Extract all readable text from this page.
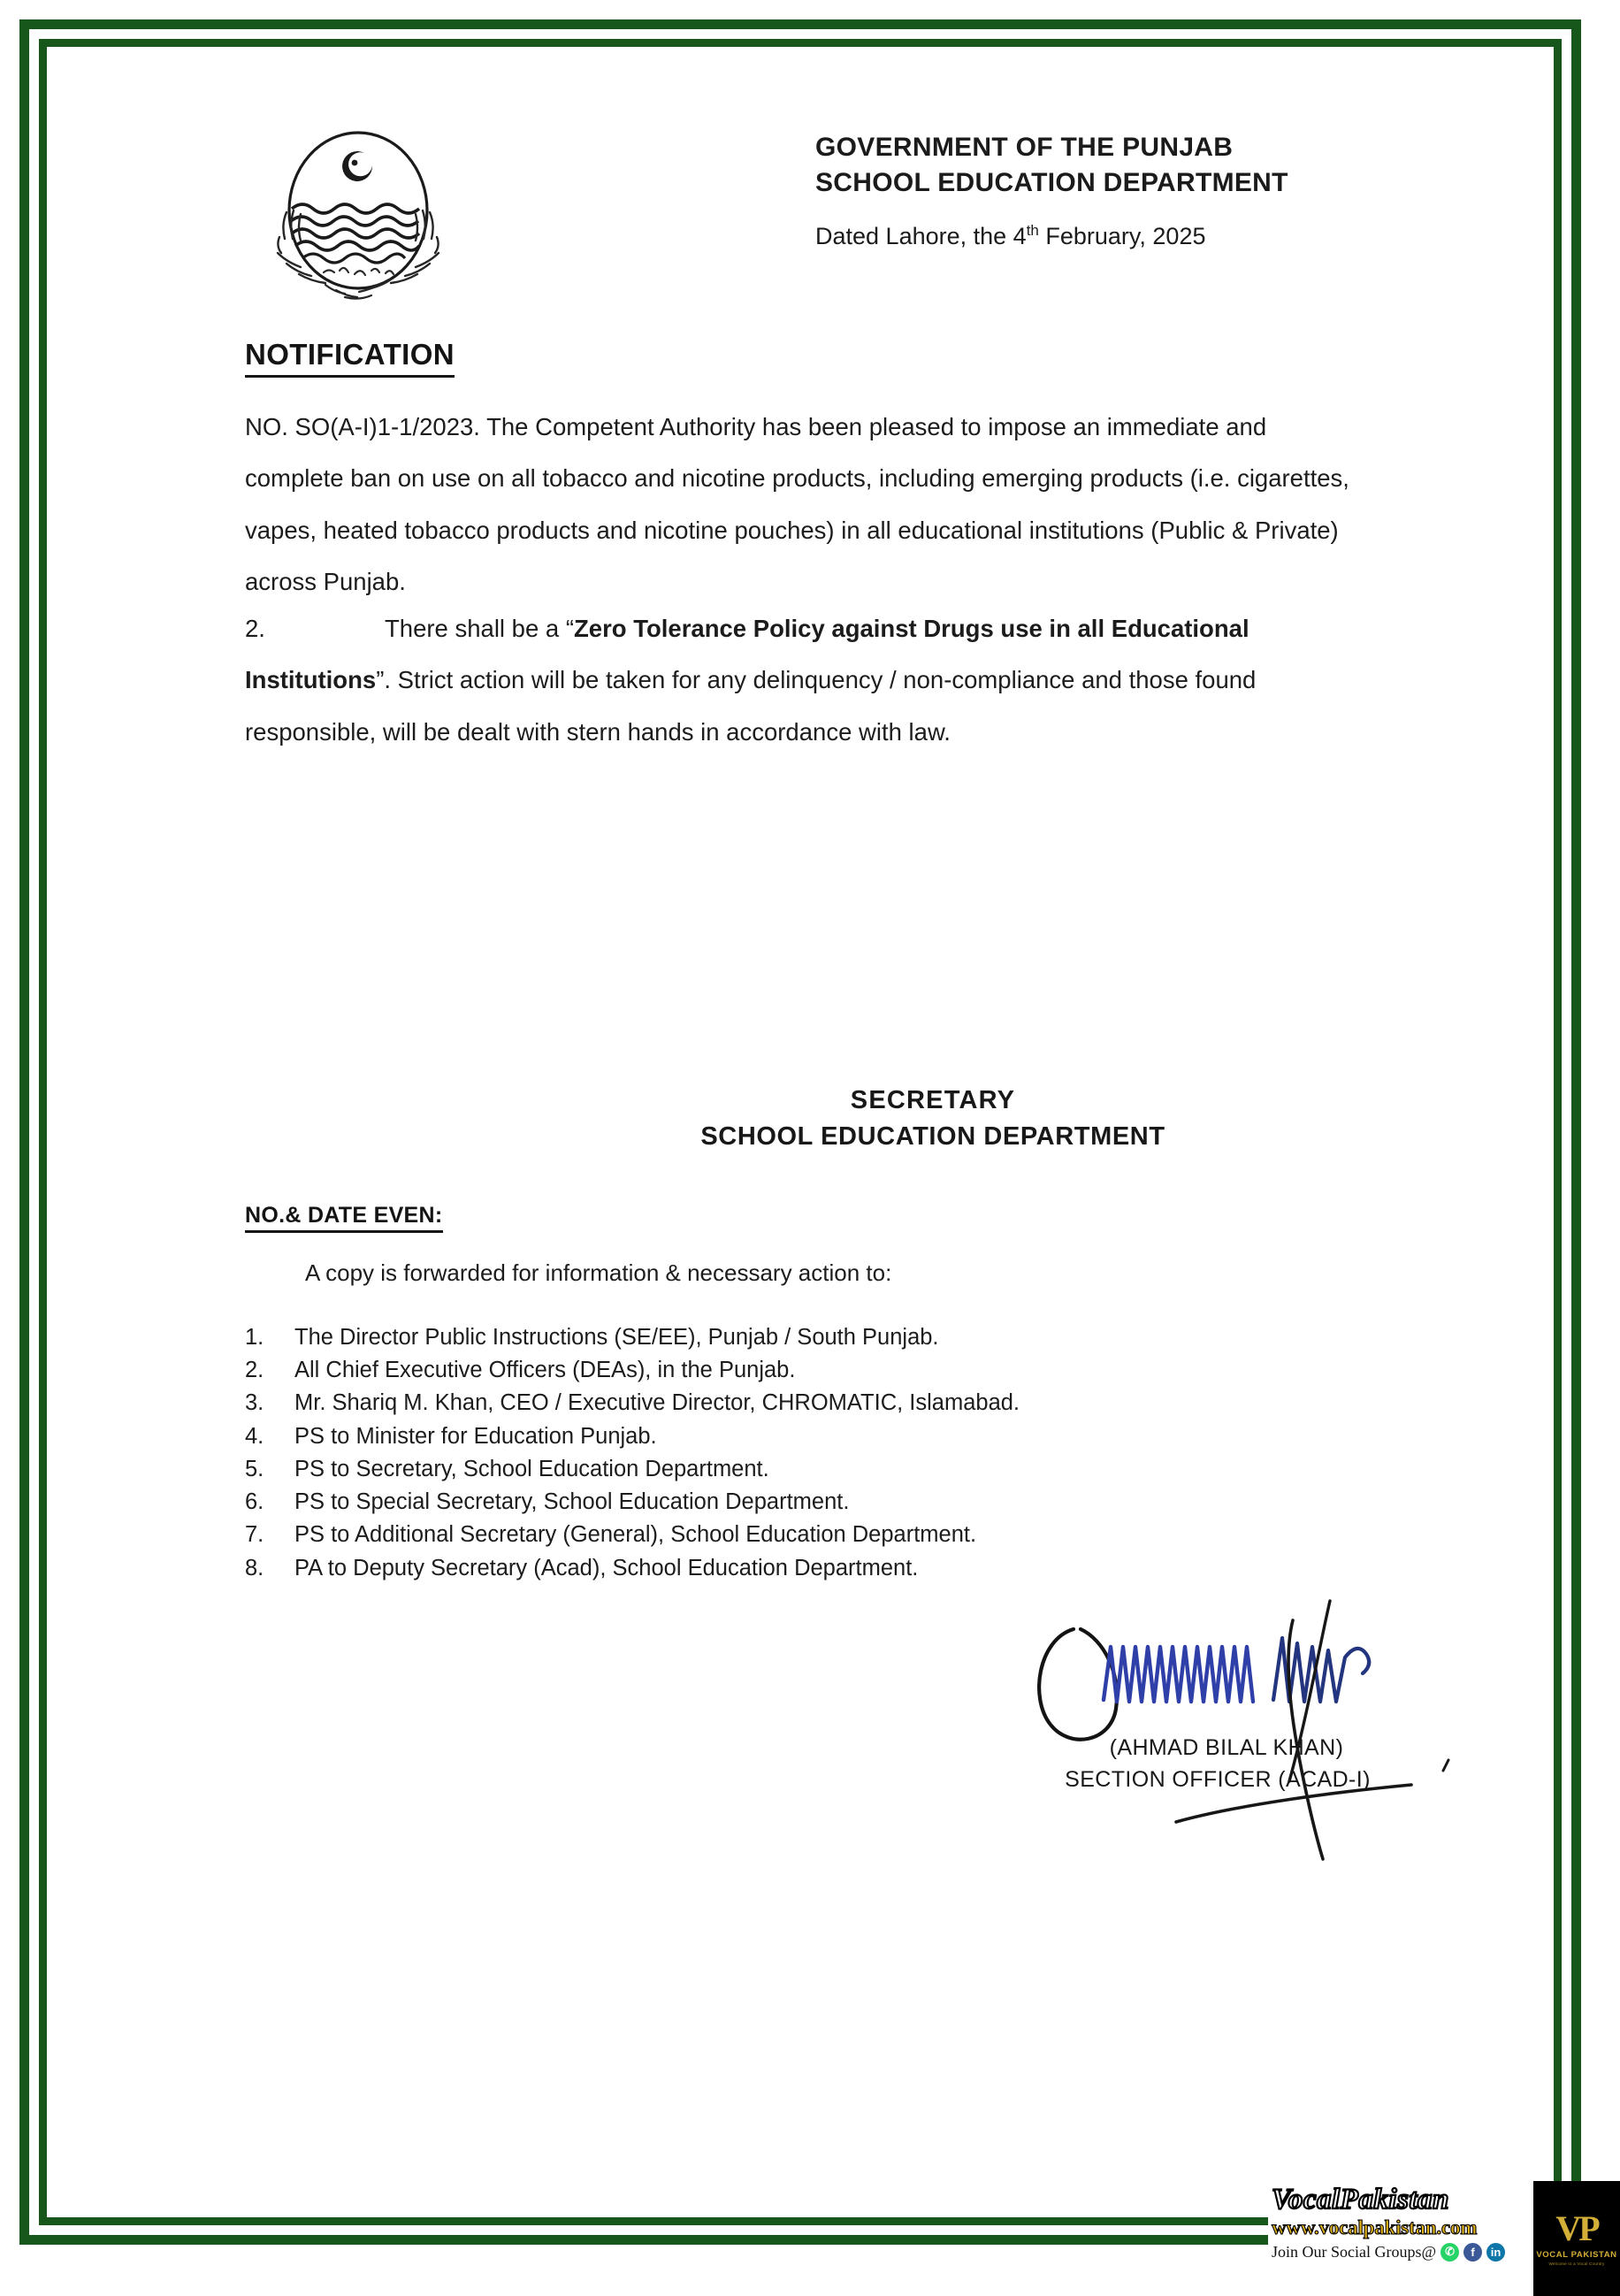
GOVERNMENT OF THE PUNJAB
SCHOOL EDUCATION DEPARTMENT
Dated Lahore, the 4th February, 2025
NOTIFICATION
NO. SO(A-I)1-1/2023. The Competent Authority has been pleased to impose an immediate and complete ban on use on all tobacco and nicotine products, including emerging products (i.e. cigarettes, vapes, heated tobacco products and nicotine pouches) in all educational institutions (Public & Private) across Punjab.
2.	There shall be a “Zero Tolerance Policy against Drugs use in all Educational Institutions”. Strict action will be taken for any delinquency / non-compliance and those found responsible, will be dealt with stern hands in accordance with law.
SECRETARY
SCHOOL EDUCATION DEPARTMENT
NO.& DATE EVEN:
A copy is forwarded for information & necessary action to:
1.	The Director Public Instructions (SE/EE), Punjab / South Punjab.
2.	All Chief Executive Officers (DEAs), in the Punjab.
3.	Mr. Shariq M. Khan, CEO / Executive Director, CHROMATIC, Islamabad.
4.	PS to Minister for Education Punjab.
5.	PS to Secretary, School Education Department.
6.	PS to Special Secretary, School Education Department.
7.	PS to Additional Secretary (General), School Education Department.
8.	PA to Deputy Secretary (Acad), School Education Department.
(AHMAD BILAL KHAN)
SECTION OFFICER (ACAD-I)
VocalPakistan
www.vocalpakistan.com
Join Our Social Groups@ ✆	f	in
VP
VOCAL PAKISTAN
Welcome to a Vocal Country
